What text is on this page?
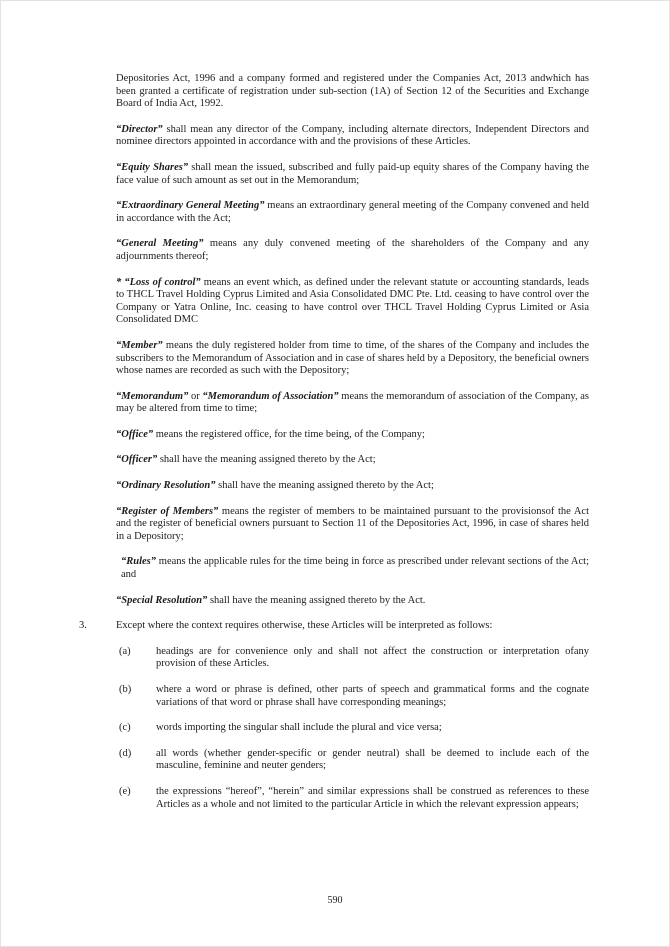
Depositories Act, 1996 and a company formed and registered under the Companies Act, 2013 andwhich has been granted a certificate of registration under sub-section (1A) of Section 12 of the Securities and Exchange Board of India Act, 1992.
“Director” shall mean any director of the Company, including alternate directors, Independent Directors and nominee directors appointed in accordance with and the provisions of these Articles.
“Equity Shares” shall mean the issued, subscribed and fully paid-up equity shares of the Company having the face value of such amount as set out in the Memorandum;
“Extraordinary General Meeting” means an extraordinary general meeting of the Company convened and held in accordance with the Act;
“General Meeting” means any duly convened meeting of the shareholders of the Company and any adjournments thereof;
* “Loss of control” means an event which, as defined under the relevant statute or accounting standards, leads to THCL Travel Holding Cyprus Limited and Asia Consolidated DMC Pte. Ltd. ceasing to have control over the Company or Yatra Online, Inc. ceasing to have control over THCL Travel Holding Cyprus Limited or Asia Consolidated DMC
“Member” means the duly registered holder from time to time, of the shares of the Company and includes the subscribers to the Memorandum of Association and in case of shares held by a Depository, the beneficial owners whose names are recorded as such with the Depository;
“Memorandum” or “Memorandum of Association” means the memorandum of association of the Company, as may be altered from time to time;
“Office” means the registered office, for the time being, of the Company;
“Officer” shall have the meaning assigned thereto by the Act;
“Ordinary Resolution” shall have the meaning assigned thereto by the Act;
“Register of Members” means the register of members to be maintained pursuant to the provisionsof the Act and the register of beneficial owners pursuant to Section 11 of the Depositories Act, 1996, in case of shares held in a Depository;
“Rules” means the applicable rules for the time being in force as prescribed under relevant sections of the Act; and
“Special Resolution” shall have the meaning assigned thereto by the Act.
3.	Except where the context requires otherwise, these Articles will be interpreted as follows:
(a) headings are for convenience only and shall not affect the construction or interpretation ofany provision of these Articles.
(b) where a word or phrase is defined, other parts of speech and grammatical forms and the cognate variations of that word or phrase shall have corresponding meanings;
(c) words importing the singular shall include the plural and vice versa;
(d) all words (whether gender-specific or gender neutral) shall be deemed to include each of the masculine, feminine and neuter genders;
(e) the expressions “hereof”, “herein” and similar expressions shall be construed as references to these Articles as a whole and not limited to the particular Article in which the relevant expression appears;
590
